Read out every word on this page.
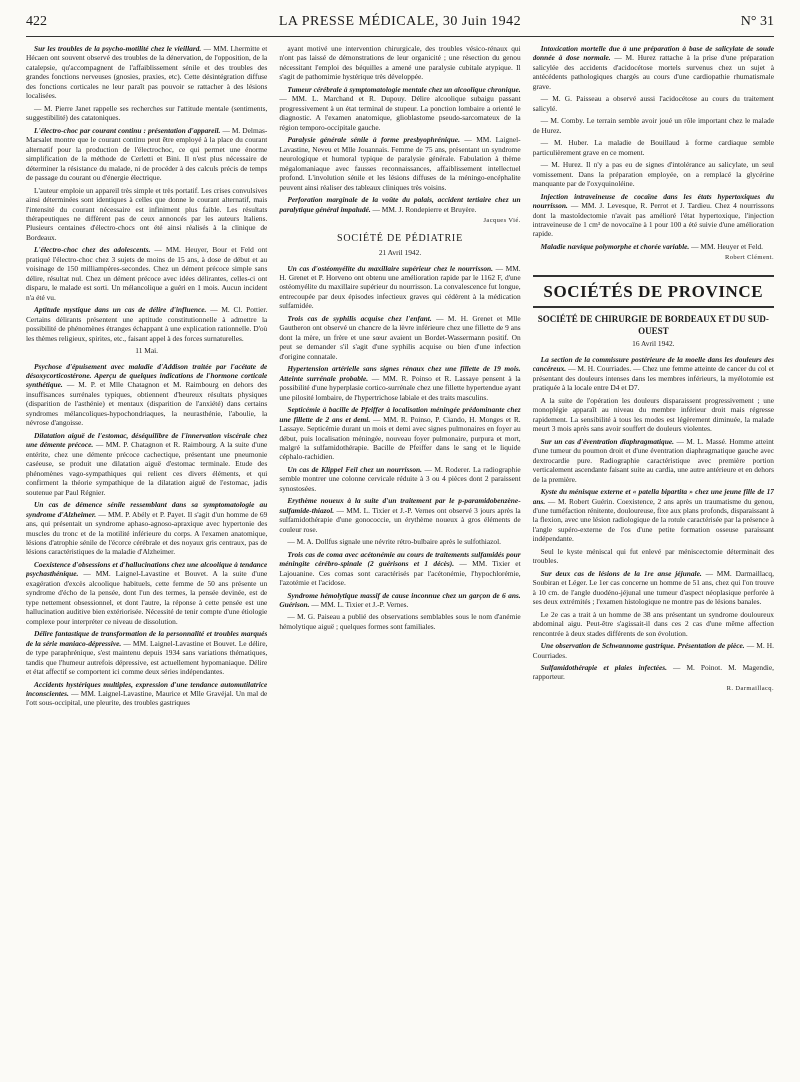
422	LA PRESSE MÉDICALE, 30 Juin 1942	N° 31

Sur les troubles de la psycho-motilité chez le vieillard. — MM. Lhermitte et Hécaen ont souvent observé des troubles de la dénervation, de l'opposition, de la catalepsie, qu'accompagnent de l'affaiblissement sénile et des troubles des grandes fonctions nerveuses (gnosies, praxies, etc). Cette désintégration diffuse des fonctions corticales ne leur paraît pas pouvoir se rattacher à des lésions localisées.

— M. Pierre Janet rappelle ses recherches sur l'attitude mentale (sentiments, suggestibilité) des catatoniques.

L'électro-choc par courant continu : présentation d'appareil. — M. Delmas-Marsalet montre que le courant continu peut être employé à la place du courant alternatif pour la production de l'électrochoc, ce qui permet une énorme simplification de la méthode de Cerletti et Bini. Il n'est plus nécessaire de déterminer la résistance du malade, ni de procéder à des calculs précis de temps de passage du courant ou d'énergie électrique.

L'auteur emploie un appareil très simple et très portatif. Les crises convulsives ainsi déterminées sont identiques à celles que donne le courant alternatif, mais l'intensité du courant nécessaire est infiniment plus faible. Les résultats thérapeutiques ne diffèrent pas de ceux annoncés par les auteurs Italiens. Plusieurs centaines d'électro-chocs ont été ainsi réalisés à la clinique de Bordeaux.

L'électro-choc chez des adolescents. — MM. Heuyer, Bour et Feld ont pratiqué l'électro-choc chez 3 sujets de moins de 15 ans, à dose de début et au voisinage de 150 milliampères-secondes. Chez un dément précoce simple sans délire, résultat nul. Chez un dément précoce avec idées délirantes, celles-ci ont disparu, le malade est sorti. Un mélancolique a guéri en 1 mois. Aucun incident n'a été vu.

Aptitude mystique dans un cas de délire d'influence. — M. Cl. Pottier. Certains délirants présentent une aptitude constitutionnelle à admettre la possibilité de phénomènes étranges échappant à une explication rationnelle. D'où les thèmes religieux, spirites, etc., faisant appel à des forces surnaturelles.

11 Mai.

Psychose d'épuisement avec maladie d'Addison traitée par l'acétate de désoxycorticostérone. Aperçu de quelques indications de l'hormone corticale synthétique. — M. P. et Mlle Chatagnon et M. Raimbourg en dehors des insuffisances surrénales typiques, obtiennent d'heureux résultats physiques (disparition de l'asthénie) et mentaux (disparition de l'anxiété) dans certains syndromes mélancoliques-hypochondriaques, la neurasthénie, l'aboulie, la névrose d'angoisse.

Dilatation aiguë de l'estomac, déséquilibre de l'innervation viscérale chez une démente précoce. — MM. P. Chatagnon et R. Raimbourg. A la suite d'une entérite, chez une démente précoce cachectique, présentant une pneumonie caséeuse, se produit une dilatation aiguë d'estomac terminale. Etude des phénomènes vago-sympathiques qui relient ces divers éléments, et qui confirment la théorie sympathique de la dilatation aiguë de l'estomac, jadis soutenue par Paul Régnier.

Un cas de démence sénile ressemblant dans sa symptomatologie au syndrome d'Alzheimer. — MM. P. Abély et P. Payet. Il s'agit d'un homme de 69 ans, qui présentait un syndrome aphaso-agnoso-apraxique avec hypertonie des muscles du tronc et de la motilité inférieure du corps. A l'examen anatomique, lésions d'atrophie sénile de l'écorce cérébrale et des noyaux gris centraux, pas de lésions caractéristiques de la maladie d'Alzheimer.

Coexistence d'obsessions et d'hallucinations chez une alcoolique à tendance psychasthénique. — MM. Laignel-Lavastine et Bouvet. A la suite d'une exagération d'excès alcoolique habituels, cette femme de 50 ans présente un syndrome d'écho de la pensée, dont l'un des termes, la pensée devinée, est de type nettement obsessionnel, et dont l'autre, la réponse à cette pensée est une hallucination auditive bien extériorisée. Nécessité de tenir compte d'une étiologie complexe pour interpréter ce niveau de dissolution.

Délire fantastique de transformation de la personnalité et troubles marqués de la série maniaco-dépressive. — MM. Laignel-Lavastine et Bouvet. Le délire, de type paraphrénique, s'est maintenu depuis 1934 sans variations thématiques, tandis que l'humeur autrefois dépressive, est actuellement hypomaniaque. Délire et état affectif se comportent ici comme deux séries indépendantes.

Accidents hystériques multiples, expression d'une tendance automutilatrice inconscientes. — MM. Laignel-Lavastine, Maurice et Mlle Gravéjal. Un mal de l'ott sous-occipital, une pleurite, des troubles gastriques

ayant motivé une intervention chirurgicale, des troubles vésico-rénaux qui n'ont pas laissé de démonstrations de leur organicité ; une résection du genou nécessitant l'emploi des béquilles a amené une paralysie cubitale atypique. Il s'agit de pathomimie hystérique très développée.

Tumeur cérébrale à symptomatologie mentale chez un alcoolique chronique. — MM. L. Marchand et R. Dupouy. Délire alcoolique subaigu passant progressivement à un état terminal de stupeur. La ponction lombaire a orienté le diagnostic. A l'examen anatomique, glioblastome pseudo-sarcomateux de la région temporo-occipitale gauche.

Paralysie générale sénile à forme presbyophrénique. — MM. Laignel-Lavastine, Neveu et Mlle Jouannais. Femme de 75 ans, présentant un syndrome neurologique et humoral typique de paralysie générale. Fabulation à thème mégalomaniaque avec fausses reconnaissances, affaiblissement intellectuel profond. L'involution sénile et les lésions diffuses de la méningo-encéphalite peuvent ainsi réaliser des tableaux cliniques très voisins.

Perforation marginale de la voûte du palais, accident tertiaire chez un paralytique général impaludé. — MM. J. Rondepierre et Bruyère.

Jacques Vié.
SOCIÉTÉ DE PÉDIATRIE
21 Avril 1942.

Un cas d'ostéomyélite du maxillaire supérieur chez le nourrisson. — MM. H. Grenet et P. Horveno ont obtenu une amélioration rapide par le 1162 F, d'une ostéomyélite du maxillaire supérieur du nourrisson. La convalescence fut longue, entrecoupée par deux épisodes infectieux graves qui cédèrent à la médication sulfamidée.

Trois cas de syphilis acquise chez l'enfant. — M. H. Grenet et Mlle Gautheron ont observé un chancre de la lèvre inférieure chez une fillette de 9 ans dont la mère, un frère et une sœur avaient un Bordet-Wassermann positif. On peut se demander s'il s'agit d'une syphilis acquise ou bien d'une infection d'origine connatale.

Hypertension artérielle sans signes rénaux chez une fillette de 19 mois. Atteinte surrénale probable. — MM. R. Poinso et R. Lassaye pensent à la possibilité d'une hyperplasie cortico-surrénale chez une fillette hypertendue ayant une pilosité lombaire, de l'hypertrichose labiale et des traits masculins.

Septicémie à bacille de Pfeiffer à localisation méningée prédominante chez une fillette de 2 ans et demi. — MM. R. Poinso, P. Ciando, H. Monges et R. Lassaye. Septicémie durant un mois et demi avec signes pulmonaires en foyer au début, puis localisation méningée, nouveau foyer pulmonaire, purpura et mort, malgré la sulfamidothérapie. Bacille de Pfeiffer dans le sang et le liquide céphalo-rachidien.

Un cas de Klippel Feil chez un nourrisson. — M. Roderer. La radiographie semble montrer une colonne cervicale réduite à 3 ou 4 pièces dont 2 paraissent synostosées.

Erythème noueux à la suite d'un traitement par le p-paramidobenzène-sulfamide-thiazol. — MM. L. Tixier et J.-P. Vernes ont observé 3 jours après la sulfamidothérapie d'une gonococcie, un érythème noueux à gros éléments de couleur rose.

— M. A. Dollfus signale une névrite rétro-bulbaire après le sulfothiazol.

Trois cas de coma avec acétonémie au cours de traitements sulfamidés pour méningite cérébro-spinale (2 guérisons et 1 décès). — MM. Tixier et Lajouanine. Ces comas sont caractérisés par l'acétonémie, l'hypochlorémie, l'azotémie et l'acidose.

Syndrome hémolytique massif de cause inconnue chez un garçon de 6 ans. Guérison. — MM. L. Tixier et J.-P. Vernes.

— M. G. Paiseau a publié des observations semblables sous le nom d'anémie hémolytique aiguë ; quelques formes sont familiales.

Intoxication mortelle due à une préparation à base de salicylate de soude donnée à dose normale. — M. Hurez rattache à la prise d'une préparation salicylée des accidents d'acidocétose mortels survenus chez un sujet à antécédents pathologiques chargés au cours d'une cardiopathie rhumatismale grave.

— M. G. Paisseau a observé aussi l'acidocétose au cours du traitement salicylé.

— M. Comby. Le terrain semble avoir joué un rôle important chez le malade de Hurez.

— M. Huber. La maladie de Bouillaud à forme cardiaque semble particulièrement grave en ce moment.

— M. Hurez. Il n'y a pas eu de signes d'intolérance au salicylate, un seul vomissement. Dans la préparation employée, on a remplacé la glycérine manquante par de l'oxyquinoléine.

Injection intraveineuse de cocaïne dans les états hypertoxiques du nourrisson. — MM. J. Levesque, R. Perrot et J. Tardieu. Chez 4 nourrissons dont la mastoïdectomie n'avait pas amélioré l'état hypertoxique, l'injection intraveineuse de 1 cm³ de novocaïne à 1 pour 100 a été suivie d'une amélioration rapide.

Maladie nævique polymorphe et chorée variable. — MM. Heuyer et Feld.

Robert Clément.
SOCIÉTÉS DE PROVINCE
SOCIÉTÉ DE CHIRURGIE DE BORDEAUX ET DU SUD-OUEST
16 Avril 1942.

La section de la commissure postérieure de la moelle dans les douleurs des cancéreux. — M. H. Courriades. — Chez une femme atteinte de cancer du col et présentant des douleurs intenses dans les membres inférieurs, la myélotomie est pratiquée à la locale entre D4 et D7.

A la suite de l'opération les douleurs disparaissent progressivement ; une monoplégie apparaît au niveau du membre inférieur droit mais régresse rapidement. La sensibilité à tous les modes est légèrement diminuée, la malade meurt 3 mois après sans avoir souffert de douleurs violentes.

Sur un cas d'éventration diaphragmatique. — M. L. Massé. Homme atteint d'une tumeur du poumon droit et d'une éventration diaphragmatique gauche avec dextrocardie pure. Radiographie caractéristique avec première portion verticalement ascendante faisant suite au cardia, une autre antérieure et en dehors de la première.

Kyste du ménisque externe et « patella bipartita » chez une jeune fille de 17 ans. — M. Robert Guérin. Coexistence, 2 ans après un traumatisme du genou, d'une tuméfaction rénitente, douloureuse, fixe aux plans profonds, disparaissant à la flexion, avec une lésion radiologique de la rotule caractérisée par la présence à l'angle supéro-externe de l'os d'une petite formation osseuse paraissant indépendante.

Seul le kyste méniscal qui fut enlevé par méniscectomie déterminait des troubles.

Sur deux cas de lésions de la 1re anse jéjunale. — MM. Darmaillacq, Soubiran et Léger. Le 1er cas concerne un homme de 51 ans, chez qui l'on trouve à 10 cm. de l'angle duodéno-jéjunal une tumeur d'aspect néoplasique perforée à ses deux extrémités ; l'examen histologique ne montre pas de lésions banales.

Le 2e cas a trait à un homme de 38 ans présentant un syndrome douloureux abdominal aigu. Peut-être s'agissait-il dans ces 2 cas d'une même affection rencontrée à deux stades différents de son évolution.

Une observation de Schwannome gastrique. Présentation de pièce. — M. H. Courriades.

Sulfamidothérapie et plaies infectées. — M. Poinot. M. Magendie, rapporteur.

R. Darmaillacq.
